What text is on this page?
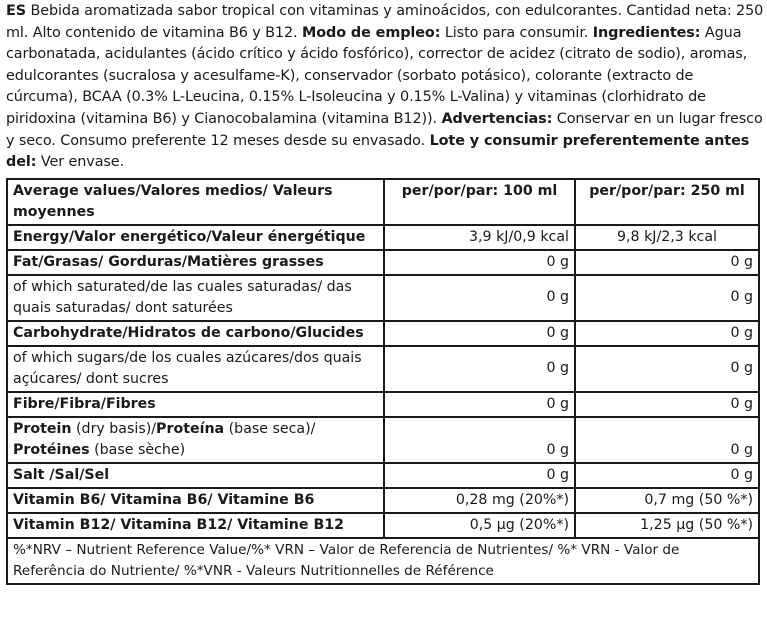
ES Bebida aromatizada sabor tropical con vitaminas y aminoácidos, con edulcorantes. Cantidad neta: 250 ml. Alto contenido de vitamina B6 y B12. Modo de empleo: Listo para consumir. Ingredientes: Agua carbonatada, acidulantes (ácido crítico y ácido fosfórico), corrector de acidez (citrato de sodio), aromas, edulcorantes (sucralosa y acesulfame-K), conservador (sorbato potásico), colorante (extracto de cúrcuma), BCAA (0.3% L-Leucina, 0.15% L-Isoleucina y 0.15% L-Valina) y vitaminas (clorhidrato de piridoxina (vitamina B6) y Cianocobalamina (vitamina B12)). Advertencias: Conservar en un lugar fresco y seco. Consumo preferente 12 meses desde su envasado. Lote y consumir preferentemente antes del: Ver envase.

Average values/Valores medios/ Valeurs moyennes	per/por/par: 100 ml	per/por/par: 250 ml
Energy/Valor energético/Valeur énergétique	3,9 kJ/0,9 kcal	9,8 kJ/2,3 kcal
Fat/Grasas/ Gorduras/Matières grasses	0 g	0 g
of which saturated/de las cuales saturadas/ das quais saturadas/ dont saturées	0 g	0 g
Carbohydrate/Hidratos de carbono/Glucides	0 g	0 g
of which sugars/de los cuales azúcares/dos quais açúcares/ dont sucres	0 g	0 g
Fibre/Fibra/Fibres	0 g	0 g
Protein (dry basis)/Proteína (base seca)/
Protéines (base sèche)	0 g	0 g
Salt /Sal/Sel	0 g	0 g
Vitamin B6/ Vitamina B6/ Vitamine B6	0,28 mg (20%*)	0,7 mg (50 %*)
Vitamin B12/ Vitamina B12/ Vitamine B12	0,5 µg (20%*)	1,25 µg (50 %*)
%*NRV – Nutrient Reference Value/%* VRN – Valor de Referencia de Nutrientes/ %* VRN - Valor de Referência do Nutriente/ %*VNR - Valeurs Nutritionnelles de Référence		
